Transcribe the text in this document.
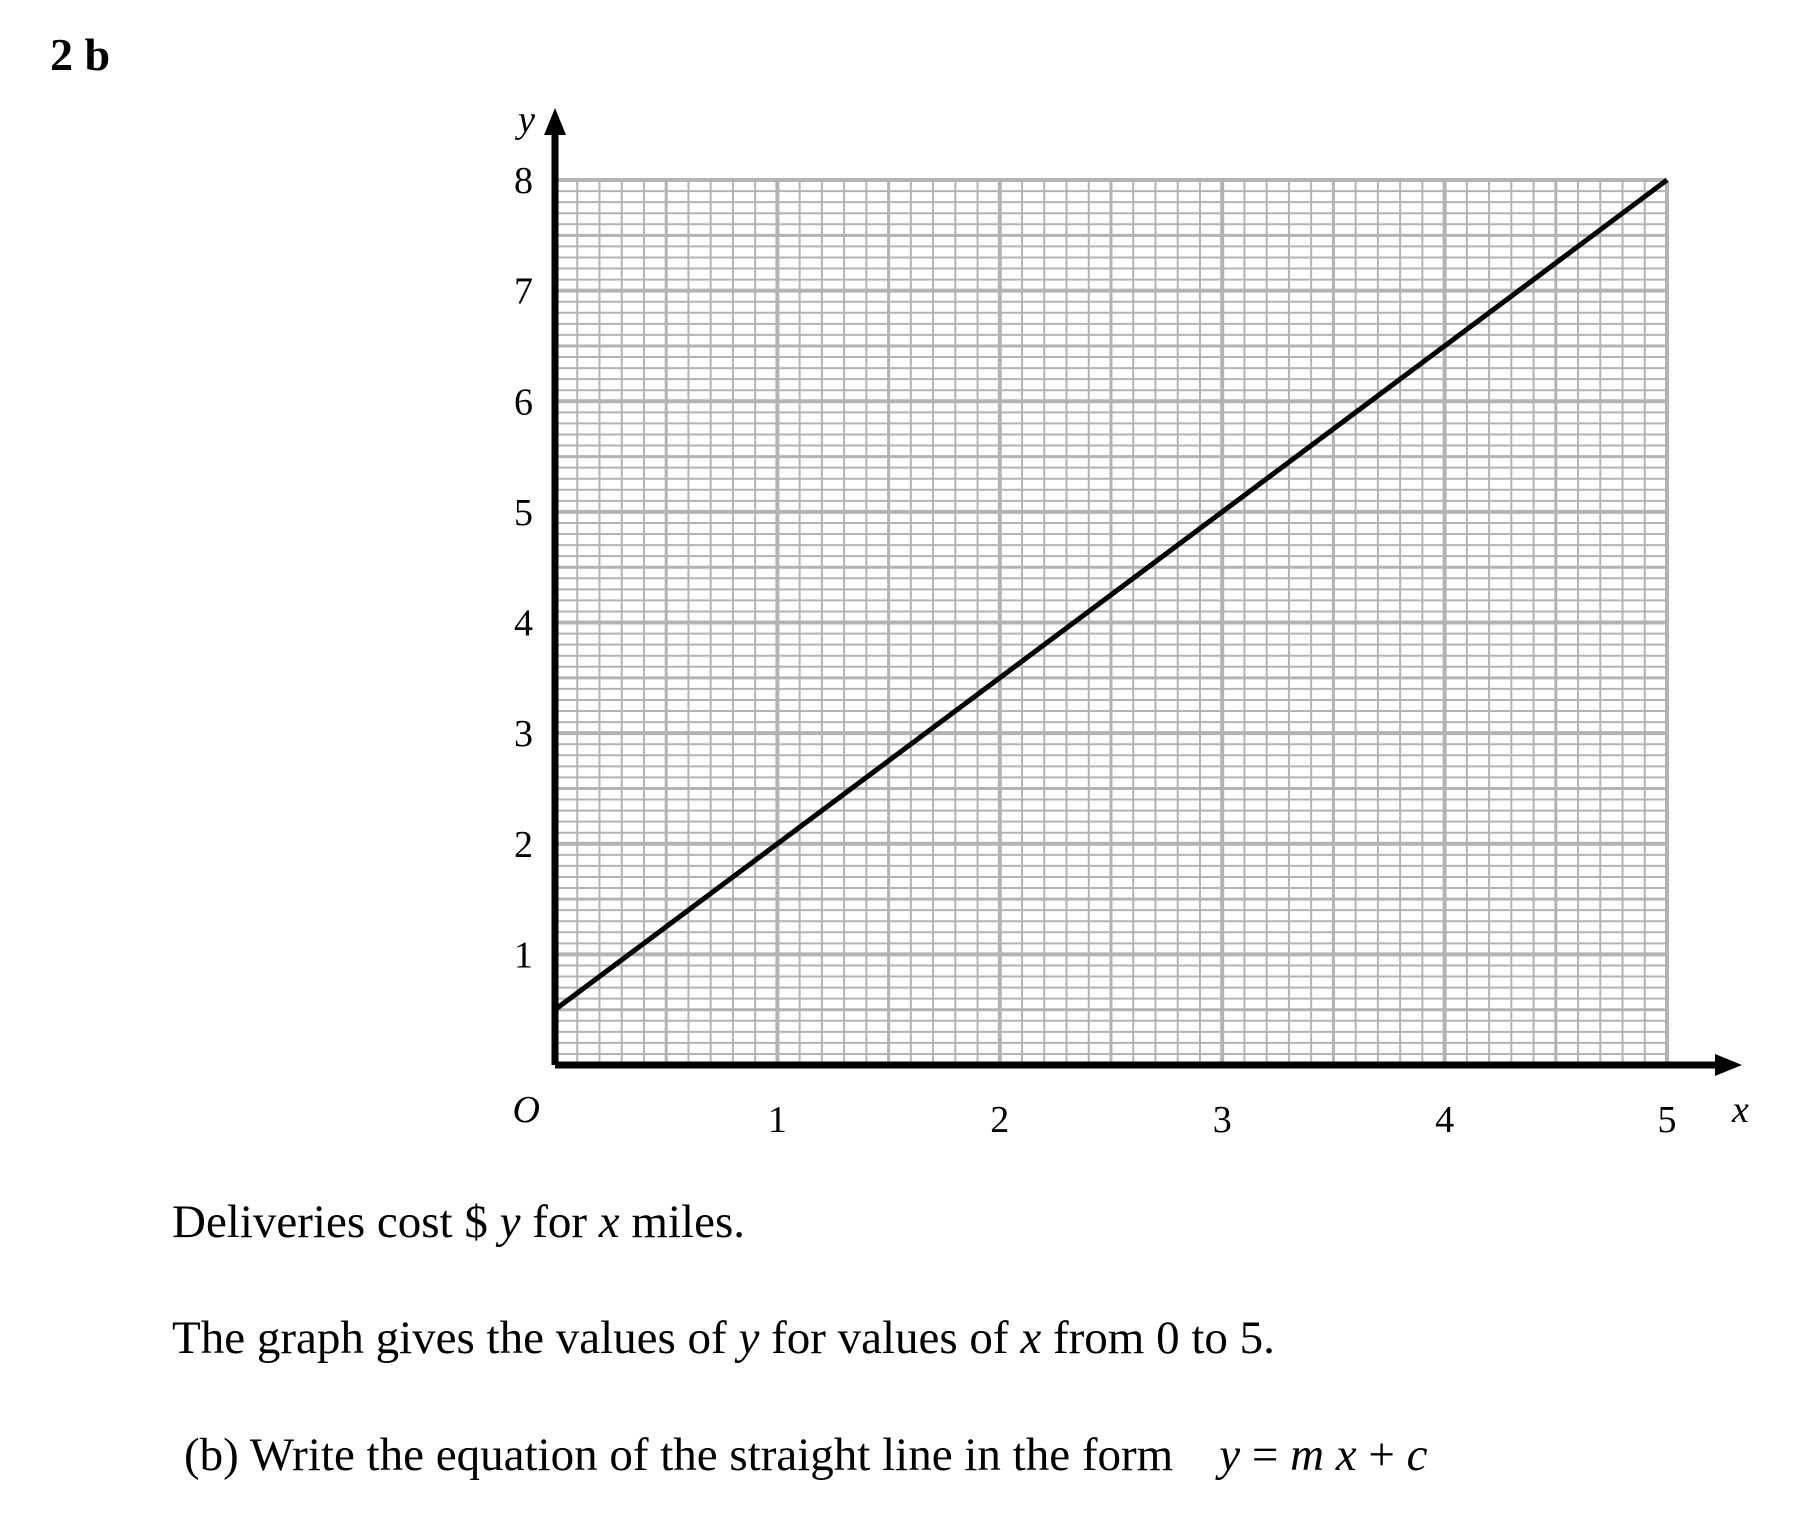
2 b
1	2	3	4	5
1
2
3
4
5
6
7
8
O	x
y
Deliveries cost $ y for x miles.
The graph gives the values of y for values of x from 0 to 5.
(b) Write the equation of the straight line in the form y = m x + c
